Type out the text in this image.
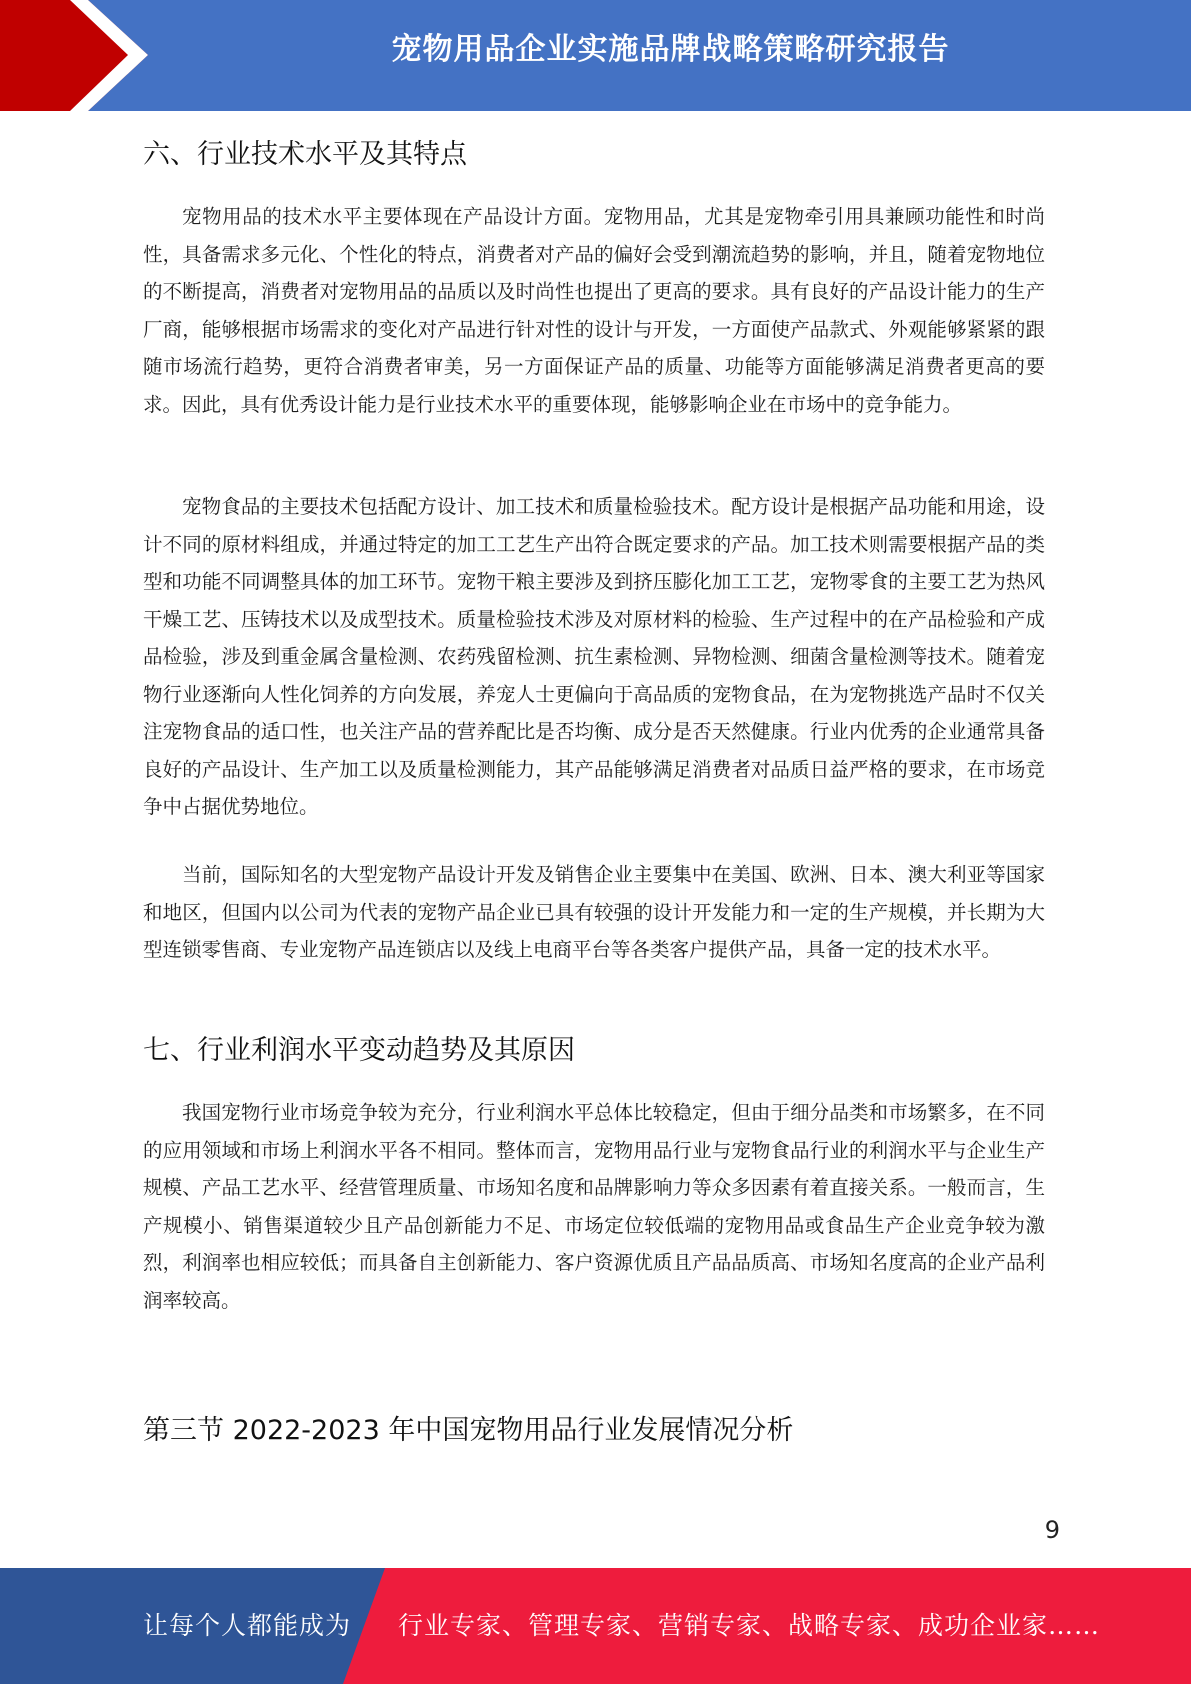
宠物用品企业实施品牌战略策略研究报告
六、行业技术水平及其特点

宠物用品的技术水平主要体现在产品设计方面。宠物用品，尤其是宠物牵引用具兼顾功能性和时尚性，具备需求多元化、个性化的特点，消费者对产品的偏好会受到潮流趋势的影响，并且，随着宠物地位的不断提高，消费者对宠物用品的品质以及时尚性也提出了更高的要求。具有良好的产品设计能力的生产厂商，能够根据市场需求的变化对产品进行针对性的设计与开发，一方面使产品款式、外观能够紧紧的跟随市场流行趋势，更符合消费者审美，另一方面保证产品的质量、功能等方面能够满足消费者更高的要求。因此，具有优秀设计能力是行业技术水平的重要体现，能够影响企业在市场中的竞争能力。

宠物食品的主要技术包括配方设计、加工技术和质量检验技术。配方设计是根据产品功能和用途，设计不同的原材料组成，并通过特定的加工工艺生产出符合既定要求的产品。加工技术则需要根据产品的类型和功能不同调整具体的加工环节。宠物干粮主要涉及到挤压膨化加工工艺，宠物零食的主要工艺为热风干燥工艺、压铸技术以及成型技术。质量检验技术涉及对原材料的检验、生产过程中的在产品检验和产成品检验，涉及到重金属含量检测、农药残留检测、抗生素检测、异物检测、细菌含量检测等技术。随着宠物行业逐渐向人性化饲养的方向发展，养宠人士更偏向于高品质的宠物食品，在为宠物挑选产品时不仅关注宠物食品的适口性，也关注产品的营养配比是否均衡、成分是否天然健康。行业内优秀的企业通常具备良好的产品设计、生产加工以及质量检测能力，其产品能够满足消费者对品质日益严格的要求，在市场竞争中占据优势地位。

当前，国际知名的大型宠物产品设计开发及销售企业主要集中在美国、欧洲、日本、澳大利亚等国家和地区，但国内以公司为代表的宠物产品企业已具有较强的设计开发能力和一定的生产规模，并长期为大型连锁零售商、专业宠物产品连锁店以及线上电商平台等各类客户提供产品，具备一定的技术水平。

七、行业利润水平变动趋势及其原因

我国宠物行业市场竞争较为充分，行业利润水平总体比较稳定，但由于细分品类和市场繁多，在不同的应用领域和市场上利润水平各不相同。整体而言，宠物用品行业与宠物食品行业的利润水平与企业生产规模、产品工艺水平、经营管理质量、市场知名度和品牌影响力等众多因素有着直接关系。一般而言，生产规模小、销售渠道较少且产品创新能力不足、市场定位较低端的宠物用品或食品生产企业竞争较为激烈，利润率也相应较低；而具备自主创新能力、客户资源优质且产品品质高、市场知名度高的企业产品利润率较高。

第三节 2022-2023 年中国宠物用品行业发展情况分析
9
让每个人都能成为 行业专家、管理专家、营销专家、战略专家、成功企业家……
